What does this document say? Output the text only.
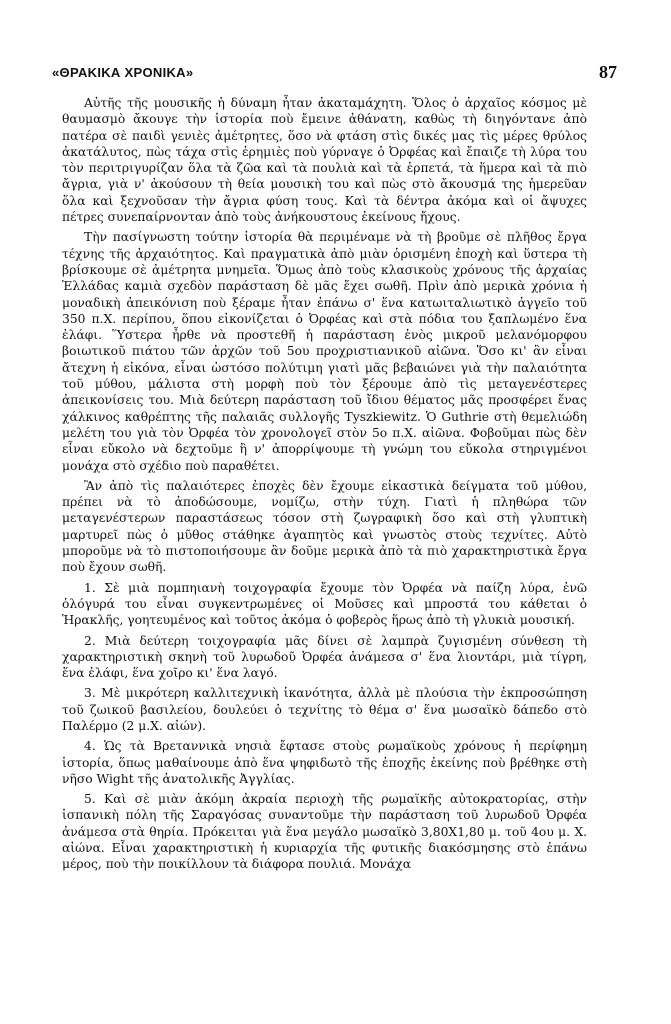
«ΘΡΑΚΙΚΑ ΧΡΟΝΙΚΑ»	87

Αὐτῆς τῆς μουσικῆς ἡ δύναμη ἦταν ἀκαταμάχητη. Ὅλος ὁ ἀρχαῖος κόσμος μὲ θαυμασμὸ ἄκουγε τὴν ἱστορία ποὺ ἔμεινε ἀθάνατη, καθὼς τὴ διηγόντανε ἀπὸ πατέρα σὲ παιδὶ γενιὲς ἀμέτρητες, ὅσο νὰ φτάση στὶς δικές μας τὶς μέρες θρύλος ἀκατάλυτος, πὼς τάχα στὶς ἐρημιὲς ποὺ γύρναγε ὁ Ὀρφέας καὶ ἔπαιζε τὴ λύρα του τὸν περιτριγυρίζαν ὅλα τὰ ζῶα καὶ τὰ πουλιὰ καὶ τὰ ἑρπετά, τὰ ἥμερα καὶ τὰ πιὸ ἄγρια, γιὰ ν' ἀκούσουν τὴ θεία μουσικὴ του καὶ πὼς στὸ ἄκουσμά της ἡμερεῦαν ὅλα καὶ ξεχνοῦσαν τὴν ἄγρια φύση τους. Καὶ τὰ δέντρα ἀκόμα καὶ οἱ ἄψυχες πέτρες συνεπαίρνονταν ἀπὸ τοὺς ἀνήκουστους ἐκείνους ἤχους.

Τὴν πασίγνωστη τούτην ἱστορία θὰ περιμέναμε νὰ τὴ βροῦμε σὲ πλῆθος ἔργα τέχνης τῆς ἀρχαιότητος. Καὶ πραγματικὰ ἀπὸ μιὰν ὁρισμένη ἐποχὴ καὶ ὕστερα τὴ βρίσκουμε σὲ ἀμέτρητα μνημεῖα. Ὅμως ἀπὸ τοὺς κλασικοὺς χρόνους τῆς ἀρχαίας Ἑλλάδας καμιὰ σχεδὸν παράσταση δὲ μᾶς ἔχει σωθῆ. Πρὶν ἀπὸ μερικὰ χρόνια ἡ μοναδικὴ ἀπεικόνιση ποὺ ξέραμε ἦταν ἐπάνω σ' ἕνα κατωιταλιωτικὸ ἀγγεῖο τοῦ 350 π.Χ. περίπου, ὅπου εἰκονίζεται ὁ Ὀρφέας καὶ στὰ πόδια του ξαπλωμένο ἕνα ἐλάφι. Ὕστερα ἦρθε νὰ προστεθῆ ἡ παράσταση ἑνὸς μικροῦ μελανόμορφου βοιωτικοῦ πιάτου τῶν ἀρχῶν τοῦ 5ου προχριστιανικοῦ αἰῶνα. Ὅσο κι' ἂν εἶναι ἄτεχνη ἡ εἰκόνα, εἶναι ὡστόσο πολύτιμη γιατὶ μᾶς βεβαιώνει γιὰ τὴν παλαιότητα τοῦ μύθου, μάλιστα στὴ μορφὴ ποὺ τὸν ξέρουμε ἀπὸ τὶς μεταγενέστερες ἀπεικονίσεις του. Μιὰ δεύτερη παράσταση τοῦ ἴδιου θέματος μᾶς προσφέρει ἕνας χάλκινος καθρέπτης τῆς παλαιᾶς συλλογῆς Tyszkiewitz. Ὁ Guthrie στὴ θεμελιώδη μελέτη του γιὰ τὸν Ὀρφέα τὸν χρονολογεῖ στὸν 5ο π.Χ. αἰῶνα. Φοβοῦμαι πὼς δὲν εἶναι εὔκολο νὰ δεχτοῦμε ἢ ν' ἀπορρίψουμε τὴ γνώμη του εὔκολα στηριγμένοι μονάχα στὸ σχέδιο ποὺ παραθέτει.

Ἂν ἀπὸ τὶς παλαιότερες ἐποχὲς δὲν ἔχουμε εἰκαστικὰ δείγματα τοῦ μύθου, πρέπει νὰ τὸ ἀποδώσουμε, νομίζω, στὴν τύχη. Γιατὶ ἡ πληθώρα τῶν μεταγενέστερων παραστάσεως τόσον στὴ ζωγραφικὴ ὅσο καὶ στὴ γλυπτικὴ μαρτυρεῖ πὼς ὁ μῦθος στάθηκε ἀγαπητὸς καὶ γνωστὸς στοὺς τεχνίτες. Αὐτὸ μποροῦμε νὰ τὸ πιστοποιήσουμε ἂν δοῦμε μερικὰ ἀπὸ τὰ πιὸ χαρακτηριστικὰ ἔργα ποὺ ἔχουν σωθῆ.

1. Σὲ μιὰ πομπηιανὴ τοιχογραφία ἔχουμε τὸν Ὀρφέα νὰ παίζη λύρα, ἐνῶ ὁλόγυρά του εἶναι συγκεντρωμένες οἱ Μοῦσες καὶ μπροστά του κάθεται ὁ Ἡρακλῆς, γοητευμένος καὶ τοῦτος ἀκόμα ὁ φοβερὸς ἥρως ἀπὸ τὴ γλυκιὰ μουσική.

2. Μιὰ δεύτερη τοιχογραφία μᾶς δίνει σὲ λαμπρὰ ζυγισμένη σύνθεση τὴ χαρακτηριστικὴ σκηνὴ τοῦ λυρωδοῦ Ὀρφέα ἀνάμεσα σ' ἕνα λιοντάρι, μιὰ τίγρη, ἕνα ἐλάφι, ἕνα χοῖρο κι' ἕνα λαγό.

3. Μὲ μικρότερη καλλιτεχνικὴ ἱκανότητα, ἀλλὰ μὲ πλούσια τὴν ἐκπροσώπηση τοῦ ζωικοῦ βασιλείου, δουλεύει ὁ τεχνίτης τὸ θέμα σ' ἕνα μωσαϊκὸ δάπεδο στὸ Παλέρμο (2 μ.Χ. αἰών).

4. Ὡς τὰ Βρεταννικὰ νησιὰ ἔφτασε στοὺς ρωμαϊκοὺς χρόνους ἡ περίφημη ἱστορία, ὅπως μαθαίνουμε ἀπὸ ἕνα ψηφιδωτὸ τῆς ἐποχῆς ἐκείνης ποὺ βρέθηκε στὴ νῆσο Wight τῆς ἀνατολικῆς Ἀγγλίας.

5. Καὶ σὲ μιὰν ἀκόμη ἀκραία περιοχὴ τῆς ρωμαϊκῆς αὐτοκρατορίας, στὴν ἱσπανικὴ πόλη τῆς Σαραγόσας συναντοῦμε τὴν παράσταση τοῦ λυρωδοῦ Ὀρφέα ἀνάμεσα στὰ θηρία. Πρόκειται γιὰ ἕνα μεγάλο μωσαϊκὸ 3,80Χ1,80 μ. τοῦ 4ου μ. Χ. αἰώνα. Εἶναι χαρακτηριστικὴ ἡ κυριαρχία τῆς φυτικῆς διακόσμησης στὸ ἐπάνω μέρος, ποὺ τὴν ποικίλλουν τὰ διάφορα πουλιά. Μονάχα
